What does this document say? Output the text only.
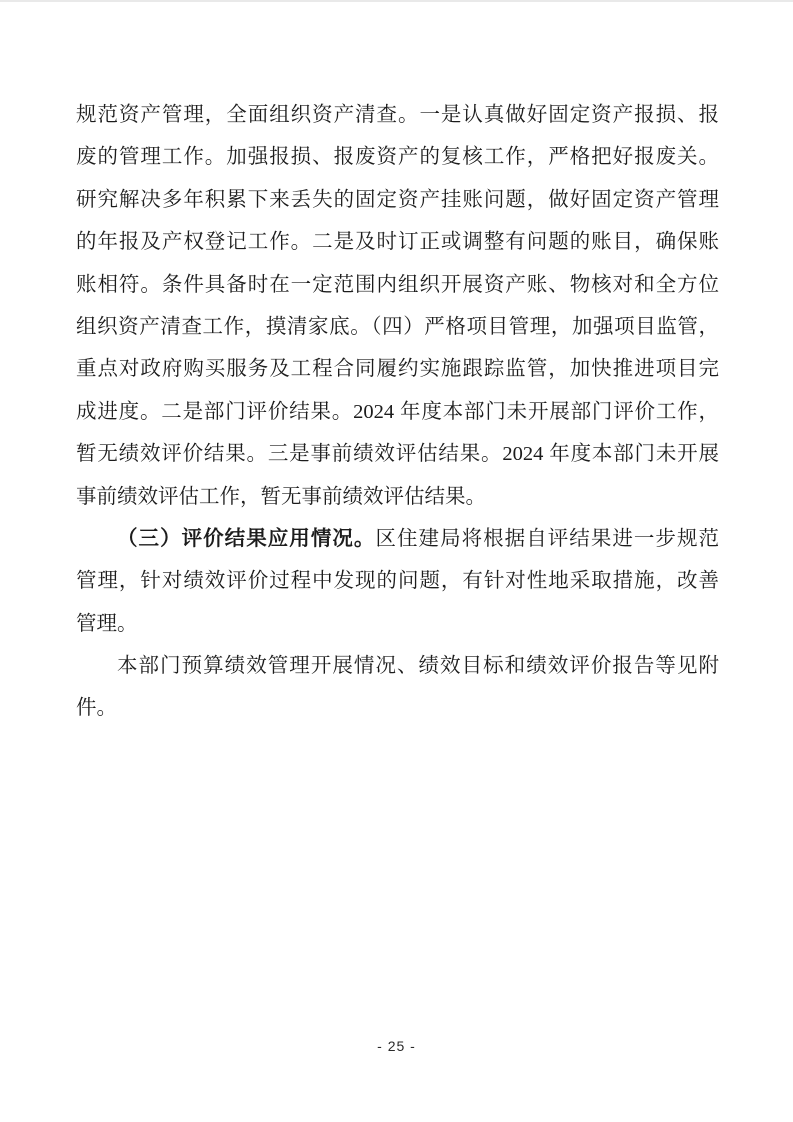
规范资产管理，全面组织资产清查。一是认真做好固定资产报损、报
废的管理工作。加强报损、报废资产的复核工作，严格把好报废关。
研究解决多年积累下来丢失的固定资产挂账问题，做好固定资产管理
的年报及产权登记工作。二是及时订正或调整有问题的账目，确保账
账相符。条件具备时在一定范围内组织开展资产账、物核对和全方位
组织资产清查工作，摸清家底。（四）严格项目管理，加强项目监管，
重点对政府购买服务及工程合同履约实施跟踪监管，加快推进项目完
成进度。二是部门评价结果。2024 年度本部门未开展部门评价工作，
暂无绩效评价结果。三是事前绩效评估结果。2024 年度本部门未开展
事前绩效评估工作，暂无事前绩效评估结果。
（三）评价结果应用情况。区住建局将根据自评结果进一步规范
管理，针对绩效评价过程中发现的问题，有针对性地采取措施，改善
管理。
本部门预算绩效管理开展情况、绩效目标和绩效评价报告等见附
件。
- 25 -
